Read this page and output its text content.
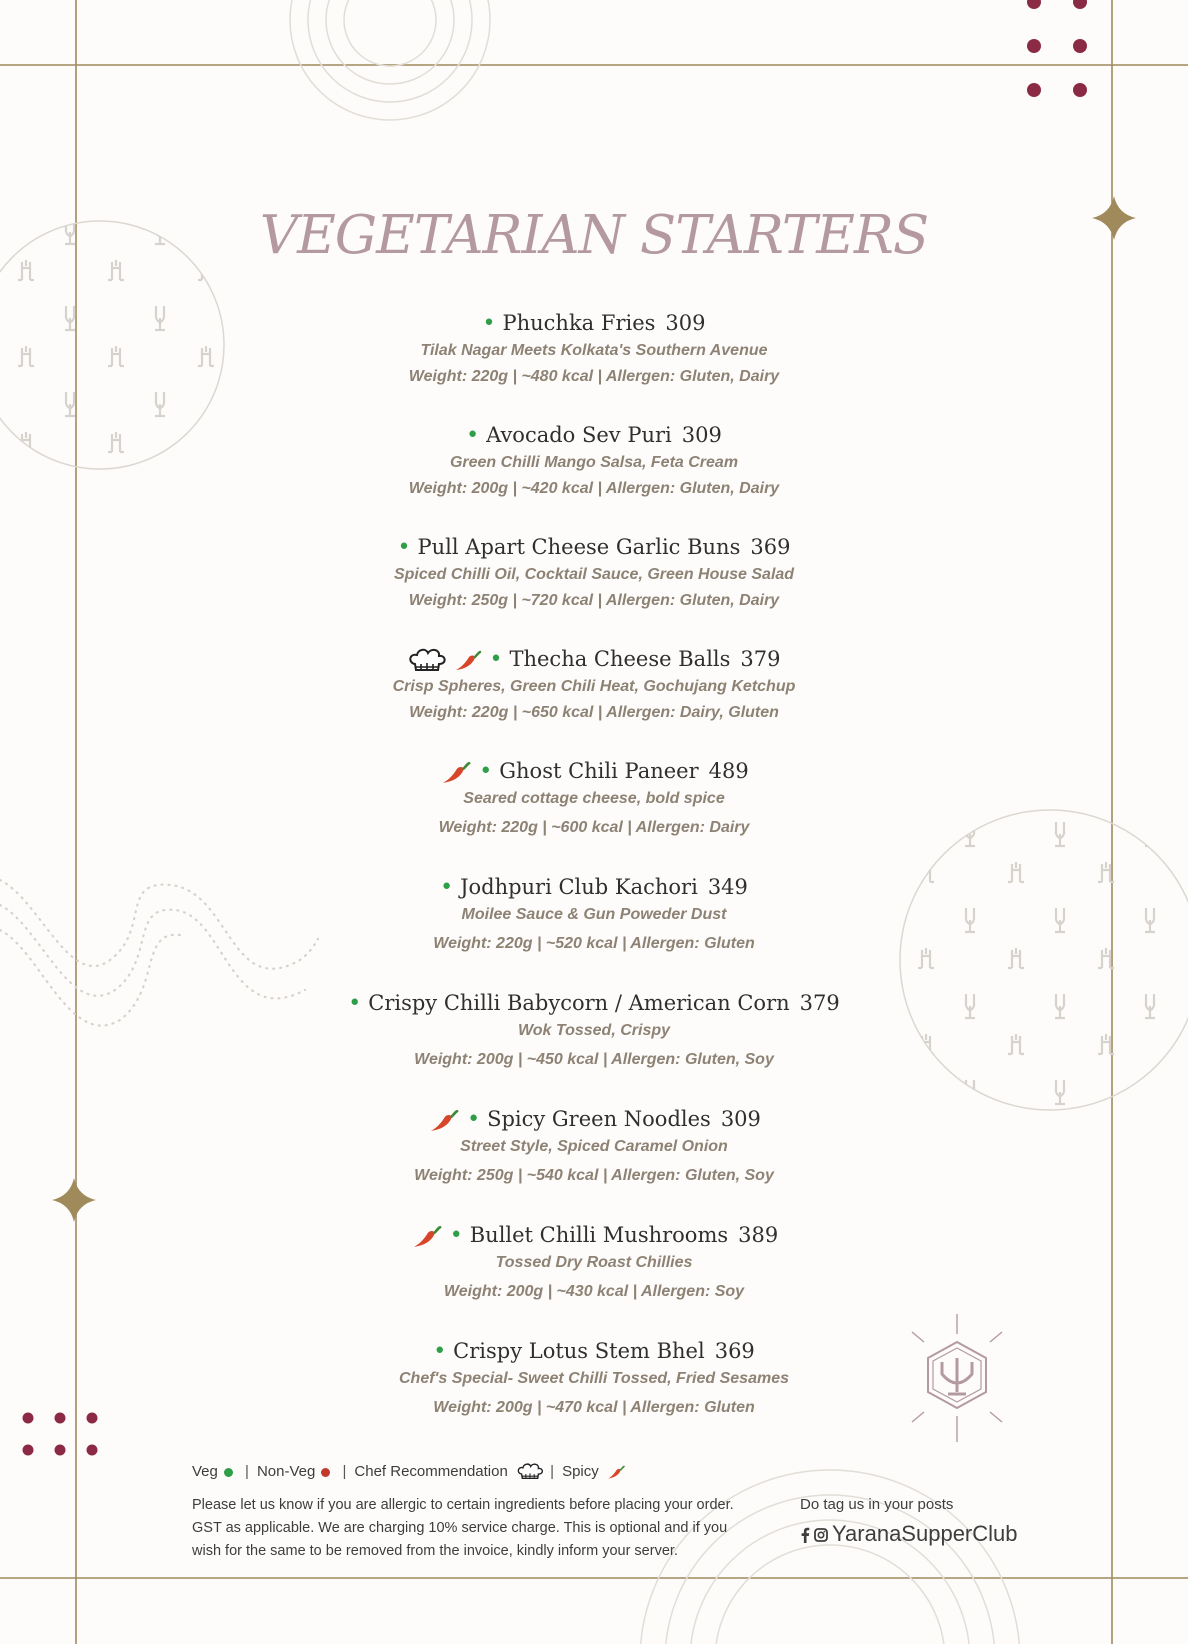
VEGETARIAN STARTERS
• Phuchka Fries 309
Tilak Nagar Meets Kolkata's Southern Avenue
Weight: 220g | ~480 kcal | Allergen: Gluten, Dairy
• Avocado Sev Puri 309
Green Chilli Mango Salsa, Feta Cream
Weight: 200g | ~420 kcal | Allergen: Gluten, Dairy
• Pull Apart Cheese Garlic Buns 369
Spiced Chilli Oil, Cocktail Sauce, Green House Salad
Weight: 250g | ~720 kcal | Allergen: Gluten, Dairy
• Thecha Cheese Balls 379
Crisp Spheres, Green Chili Heat, Gochujang Ketchup
Weight: 220g | ~650 kcal | Allergen: Dairy, Gluten
• Ghost Chili Paneer 489
Seared cottage cheese, bold spice
Weight: 220g | ~600 kcal | Allergen: Dairy
• Jodhpuri Club Kachori 349
Moilee Sauce & Gun Poweder Dust
Weight: 220g | ~520 kcal | Allergen: Gluten
• Crispy Chilli Babycorn / American Corn 379
Wok Tossed, Crispy
Weight: 200g | ~450 kcal | Allergen: Gluten, Soy
• Spicy Green Noodles 309
Street Style, Spiced Caramel Onion
Weight: 250g | ~540 kcal | Allergen: Gluten, Soy
• Bullet Chilli Mushrooms 389
Tossed Dry Roast Chillies
Weight: 200g | ~430 kcal | Allergen: Soy
• Crispy Lotus Stem Bhel 369
Chef's Special- Sweet Chilli Tossed, Fried Sesames
Weight: 200g | ~470 kcal | Allergen: Gluten
Veg | Non-Veg | Chef Recommendation	| Spicy

Please let us know if you are allergic to certain ingredients before placing your order.

GST as applicable. We are charging 10% service charge. This is optional and if you

wish for the same to be removed from the invoice, kindly inform your server.

Do tag us in your posts
YaranaSupperClub
